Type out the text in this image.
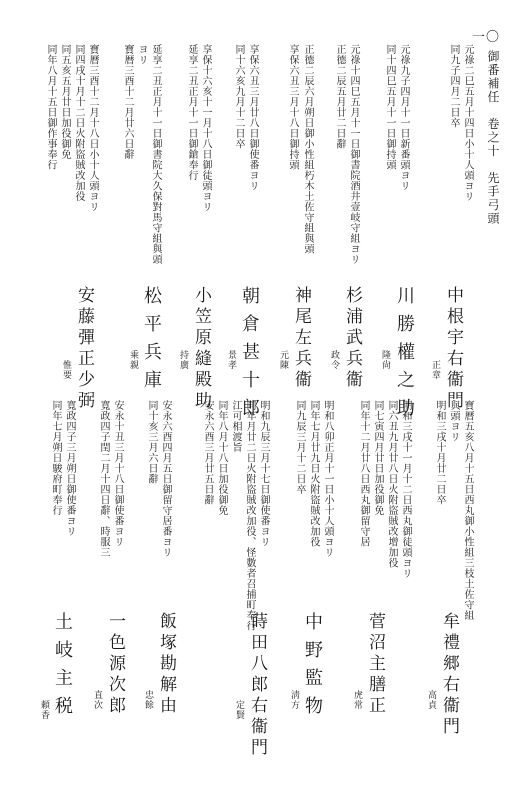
御番補任　卷之十　先手弓頭
一〇
元祿二巳五月十四日小十人頭ヨリ
同九子四月二日卒
元祿九子四月十一日新番頭ヨリ
同十四巳五月十一日御持頭
元祿十四巳五月十一日御書院酒井壹岐守組ヨリ
正德二辰五月廿二日辭
正德二辰六月朔日御小性組朽木土佐守組與頭
享保六丑三月十八日御持頭
享保六丑三月廿八日御使番ヨリ
同十六亥九月十二日卒
享保十六亥十一月十八日御徒頭ヨリ
延享二丑正月十一日御鎗奉行
延享二丑正月十一日御書院大久保對馬守組與頭
ヨリ
寶暦三酉十二月廿六日辭
寶曆三酉十二月十八日小十人頭ヨリ
同四戌十月十二日火附盜賊改加役
同五亥五月廿日加役御免
同年八月十五日御作事奉行
中根宇右衞門
正章
川勝權之助
隆尙
杉浦武兵衞
政令
神尾左兵衞
元陳
朝倉甚十郎
景孝
小笠原縫殿助
持廣
松平兵庫
乘親
安藤彈正少弼
惟要
寶曆五亥八月十五日西丸御小性組三枝土佐守組
與頭ヨリ
明和三戌十月廿二日卒
明和三戌十一月十二日西丸御徒頭ヨリ
同六丑九月廿八日火附盜賊改增加役
同七寅四月廿日加役御免
同年十二月廿八日西丸御留守居
明和八卯正月十一日小十人頭ヨリ
同年七月廿九日火附盜賊改加役
同九辰三月十二日卒
明和九辰三月十七日御使番ヨリ
同年月廿二日火附盜賊改加役、怪數者召捕町奉行
江可相渡旨
同年八月十八日加役御免
安永六酉三月廿五日辭
安永六酉四月五日御留守居番ヨリ
同十亥三月六日辭
安永十丑三月十八日御使番ヨリ
寬政四子閏二月十四日辭、時服三
寬政四子三月朔日御使番ヨリ
同年七月朔日駿府町奉行
牟禮郷右衞門
高貞
菅沼主膳正
虎常
中野監物
淸方
蒔田八郎右衞門
定賢
飯塚勘解由
忠餘
一色源次郎
直次
土岐主税
頼香
